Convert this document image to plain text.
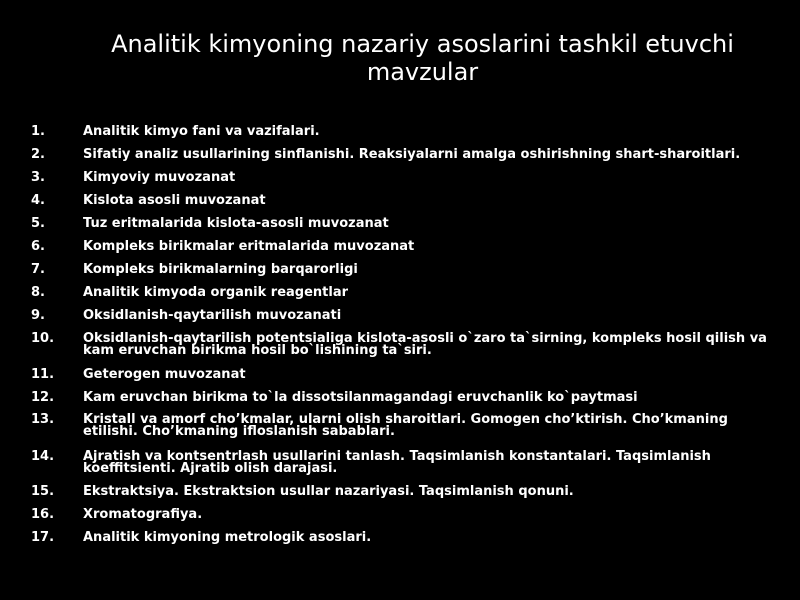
Analitik kimyoning nazariy asoslarini tashkil etuvchi mavzular
1.	Analitik kimyo fani va vazifalari.
2.	Sifatiy analiz usullarining sinflanishi. Reaksiyalarni amalga oshirishning shart-sharoitlari.
3.	Kimyoviy muvozanat
4.	Kislota asosli muvozanat
5.	Tuz eritmalarida kislota-asosli muvozanat
6.	Kompleks birikmalar eritmalarida muvozanat
7.	Kompleks birikmalarning barqarorligi
8.	Analitik kimyoda organik reagentlar
9.	Oksidlanish-qaytarilish muvozanati
10. Oksidlanish-qaytarilish potentsialiga kislota-asosli o`zaro ta`sirning, kompleks hosil qilish va kam eruvchan birikma hosil bo`lishining ta`siri.
11. Geterogen muvozanat
12. Kam eruvchan birikma to`la dissotsilanmagandagi eruvchanlik ko`paytmasi
13. Kristall va amorf cho’kmalar, ularni olish sharoitlari. Gomogen cho’ktirish. Cho’kmaning etilishi. Cho’kmaning ifloslanish sabablari.
14. Ajratish va kontsentrlash usullarini tanlash. Taqsimlanish konstantalari. Taqsimlanish koeffitsienti. Ajratib olish darajasi.
15. Ekstraktsiya. Ekstraktsion usullar nazariyasi. Taqsimlanish qonuni.
16. Xromatografiya.
17. Analitik kimyoning metrologik asoslari.
